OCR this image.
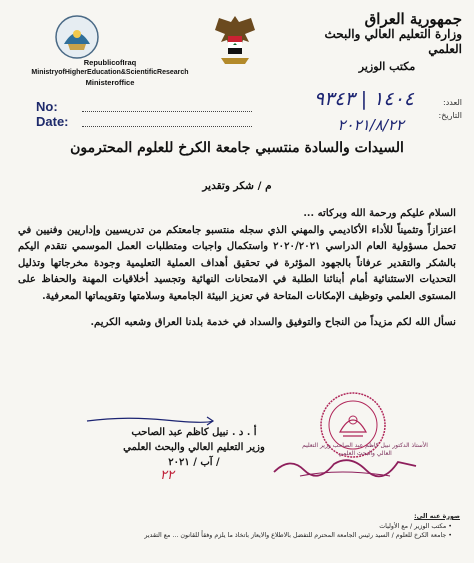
جمهورية العراق
وزارة التعليم العالي والبحث العلمي
مكتب الوزير
RepublicofIraq
MinistryofHigherEducation&ScientificResearch
Ministeroffice
No:
Date:
العدد:
التاريخ:
١٤٠٤ | ٩٣٤٣
٢٠٢١/٨/٢٢
السيدات والسادة منتسبي جامعة الكرخ للعلوم المحترمون
م / شكر وتقدير

السلام عليكم ورحمة الله وبركاته ...

اعتزازاً وتثميناً للأداء الأكاديمي والمهني الذي سجله منتسبو جامعتكم من تدريسيين وإداريين وفنيين في تحمل مسؤولية العام الدراسي ٢٠٢٠/٢٠٢١ واستكمال واجبات ومتطلبات العمل الموسمي نتقدم اليكم بالشكر والتقدير عرفاناً بالجهود المؤثرة في تحقيق أهداف العملية التعليمية وجودة مخرجاتها وتذليل التحديات الاستثنائية أمام أبنائنا الطلبة في الامتحانات النهائية وتجسيد أخلاقيات المهنة والحفاظ على المستوى العلمي وتوظيف الإمكانات المتاحة في تعزيز البيئة الجامعية وسلامتها وتقويماتها المعرفية.

نسأل الله لكم مزيداً من النجاح والتوفيق والسداد في خدمة بلدنا العراق وشعبه الكريم.

أ . د . نبيل كاظم عبد الصاحب
وزير التعليم العالي والبحث العلمي
/ آب / ٢٠٢١
٢٢
الأستاذ الدكتور نبيل كاظم عبد الصاحب وزير التعليم العالي والبحث العلمي
صورة عنه الى:
• مكتب الوزير / مع الأوليات
• جامعة الكرخ للعلوم / السيد رئيس الجامعة المحترم للتفضل بالاطلاع والايعاز باتخاذ ما يلزم وفقاً للقانون ... مع التقدير
